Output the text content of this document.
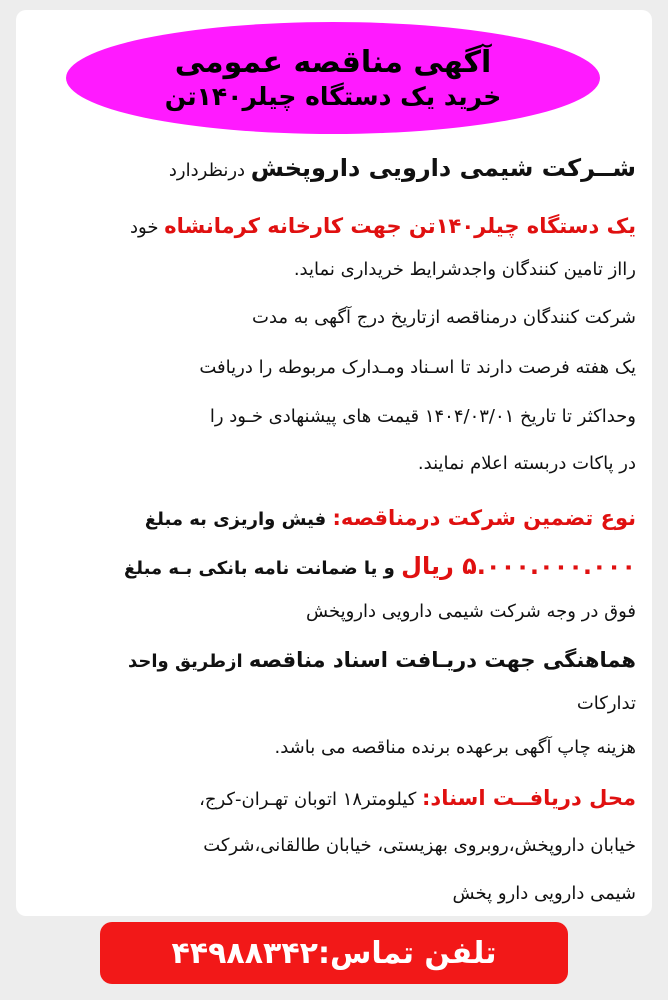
آگهی مناقصه عمومی
خرید یک دستگاه چیلر۱۴۰تن
شــرکت شیمی دارویی داروپخش درنظردارد
یک دستگاه چیلر۱۴۰تن جهت کارخانه کرمانشاه خود
رااز تامین کنندگان واجدشرایط خریداری نماید.
شرکت کنندگان درمناقصه ازتاریخ درج آگهی به مدت
یک هفته فرصت دارند تا اسـناد ومـدارک مربوطه را دریافت
وحداکثر تا تاریخ ۱۴۰۴/۰۳/۰۱ قیمت های پیشنهادی خـود را
در پاکات دربسته اعلام نمایند.
نوع تضمین شرکت درمناقصه: فیش واریزی به مبلغ
۵.۰۰۰.۰۰۰.۰۰۰ ریال و یا ضمانت نامه بانکی بـه مبلغ
فوق در وجه شرکت شیمی دارویی داروپخش
هماهنگی جهت دریـافت اسناد مناقصه ازطریق واحد
تدارکات
هزینه چاپ آگهی برعهده برنده مناقصه می باشد.
محل دریافــت اسناد: کیلومتر۱۸ اتوبان تهـران-کرج،
خیابان داروپخش،روبروی بهزیستی، خیابان طالقانی،شرکت
شیمی دارویی دارو پخش
تلفن تماس:۴۴۹۸۸۳۴۲
